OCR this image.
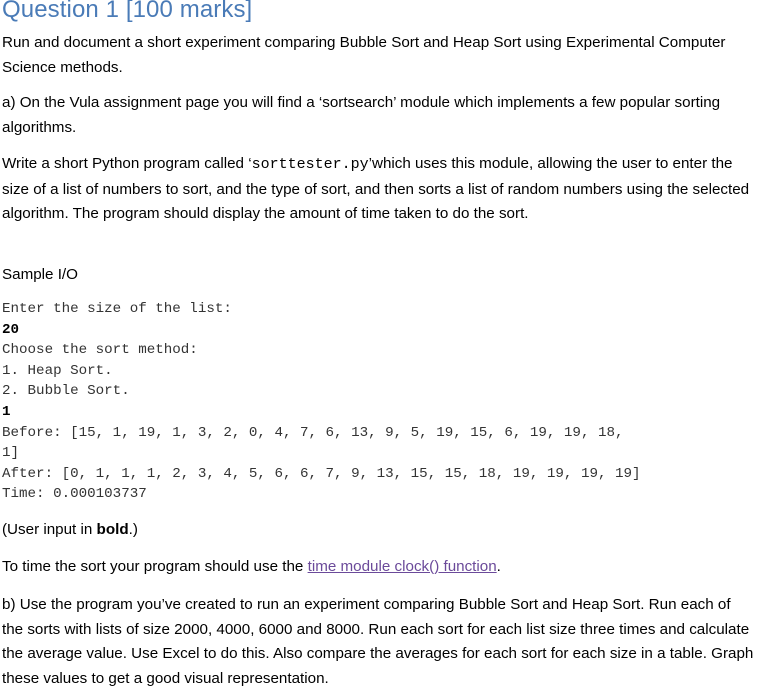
Question 1 [100 marks]

Run and document a short experiment comparing Bubble Sort and Heap Sort using Experimental Computer Science methods.

a) On the Vula assignment page you will find a ‘sortsearch’ module which implements a few popular sorting algorithms.

Write a short Python program called ‘sorttester.py’which uses this module, allowing the user to enter the size of a list of numbers to sort, and the type of sort, and then sorts a list of random numbers using the selected algorithm. The program should display the amount of time taken to do the sort.

Sample I/O

Enter the size of the list:
20
Choose the sort method:
1. Heap Sort.
2. Bubble Sort.
1
Before: [15, 1, 19, 1, 3, 2, 0, 4, 7, 6, 13, 9, 5, 19, 15, 6, 19, 19, 18,
1]
After: [0, 1, 1, 1, 2, 3, 4, 5, 6, 6, 7, 9, 13, 15, 15, 18, 19, 19, 19, 19]
Time: 0.000103737

(User input in bold.)

To time the sort your program should use the time module clock() function.

b) Use the program you’ve created to run an experiment comparing Bubble Sort and Heap Sort. Run each of the sorts with lists of size 2000, 4000, 6000 and 8000. Run each sort for each list size three times and calculate the average value. Use Excel to do this. Also compare the averages for each sort for each size in a table. Graph these values to get a good visual representation.
